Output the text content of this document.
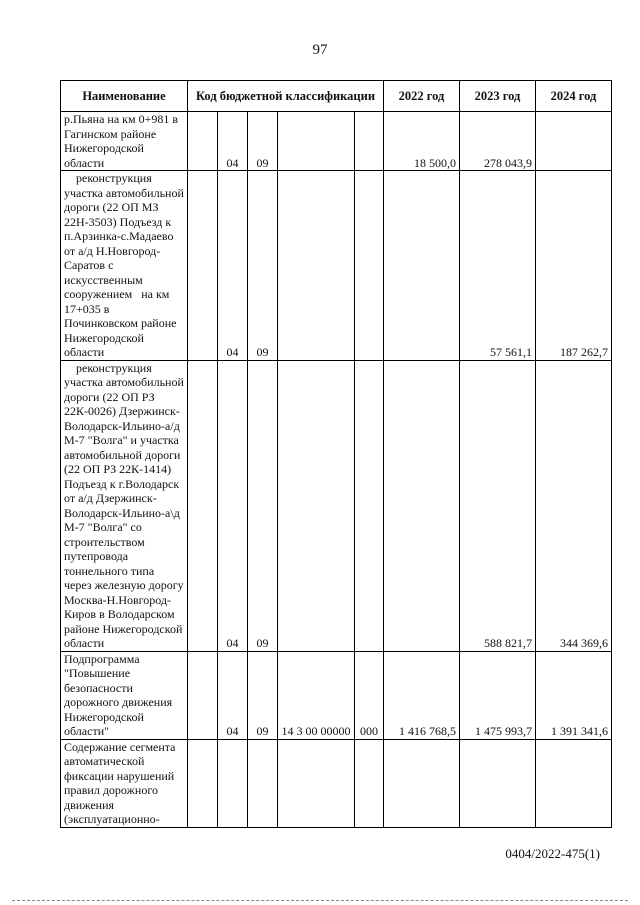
97
Наименование	Код бюджетной классификации					2022 год	2023 год	2024 год
р.Пьяна на км 0+981 в Гагинском районе Нижегородской области		04	09			18 500,0	278 043,9	
реконструкция участка автомобильной дороги (22 ОП МЗ 22Н-3503) Подъезд к п.Арзинка-с.Мадаево от а/д Н.Новгород-Саратов с искусственным сооружением   на км 17+035 в Починковском районе Нижегородской области		04	09				57 561,1	187 262,7
реконструкция участка автомобильной дороги (22 ОП РЗ 22К-0026) Дзержинск-Володарск-Ильино-а/д М-7 "Волга" и участка автомобильной дороги (22 ОП РЗ 22К-1414) Подъезд к г.Володарск от а/д Дзержинск-Володарск-Ильино-а\д М-7 "Волга" со строительством путепровода тоннельного типа через железную дорогу Москва-Н.Новгород-Киров в Володарском районе Нижегородской области		04	09				588 821,7	344 369,6
Подпрограмма "Повышение безопасности дорожного движения Нижегородской области"		04	09	14 3 00 00000	000	1 416 768,5	1 475 993,7	1 391 341,6
Содержание сегмента автоматической фиксации нарушений правил дорожного движения (эксплуатационно-								
0404/2022-475(1)
